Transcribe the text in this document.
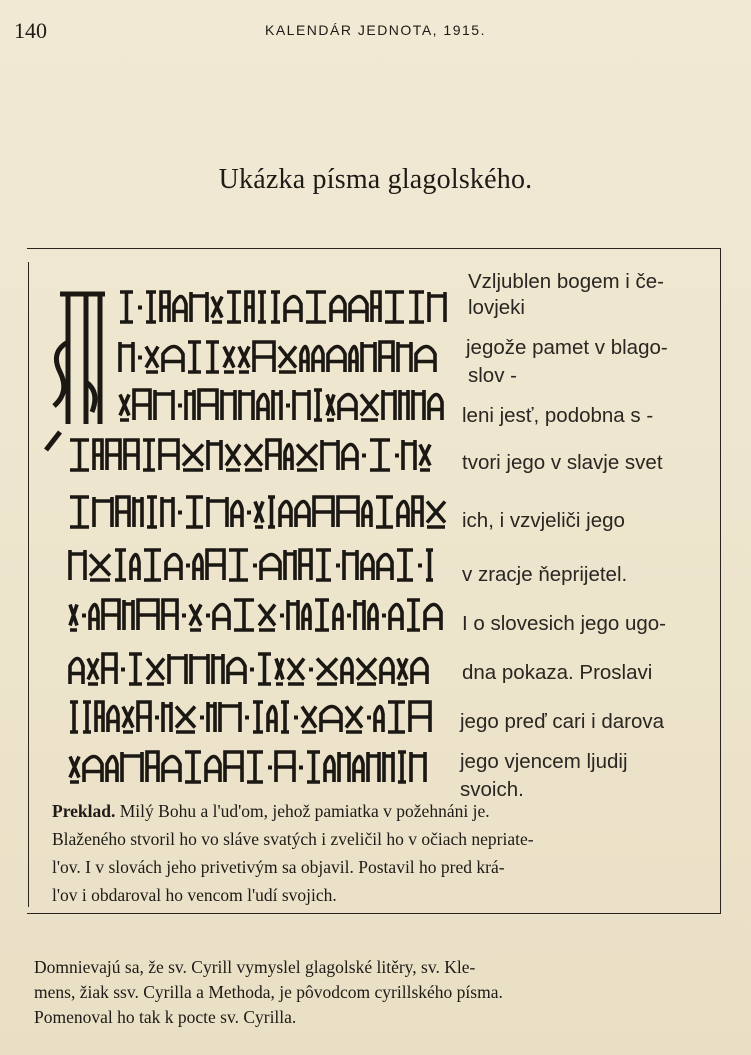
140	KALENDÁR JEDNOTA, 1915.
Ukázka písma glagolského.
Vzljublen bogem i če-
lovjeki
jegože pamet v blago-
slov -
leni jesť, podobna s -
tvori jego v slavje svet
ich, i vzvjeliči jego
v zracje ňeprijetel.
I o slovesich jego ugo-
dna pokaza. Proslavi
jego preď cari i darova
jego vjencem ljudij
svoich.

Preklad. Milý Bohu a l'ud'om, jehož pamiatka v požehnáni je.

Blaženého stvoril ho vo sláve svatých i zveličil ho v očiach nepriate-

l'ov. I v slovách jeho privetivým sa objavil. Postavil ho pred krá-

l'ov i obdaroval ho vencom l'udí svojich.

Domnievajú sa, že sv. Cyrill vymyslel glagolské litěry, sv. Kle-

mens, žiak ssv. Cyrilla a Methoda, je pôvodcom cyrillského písma.

Pomenoval ho tak k pocte sv. Cyrilla.
